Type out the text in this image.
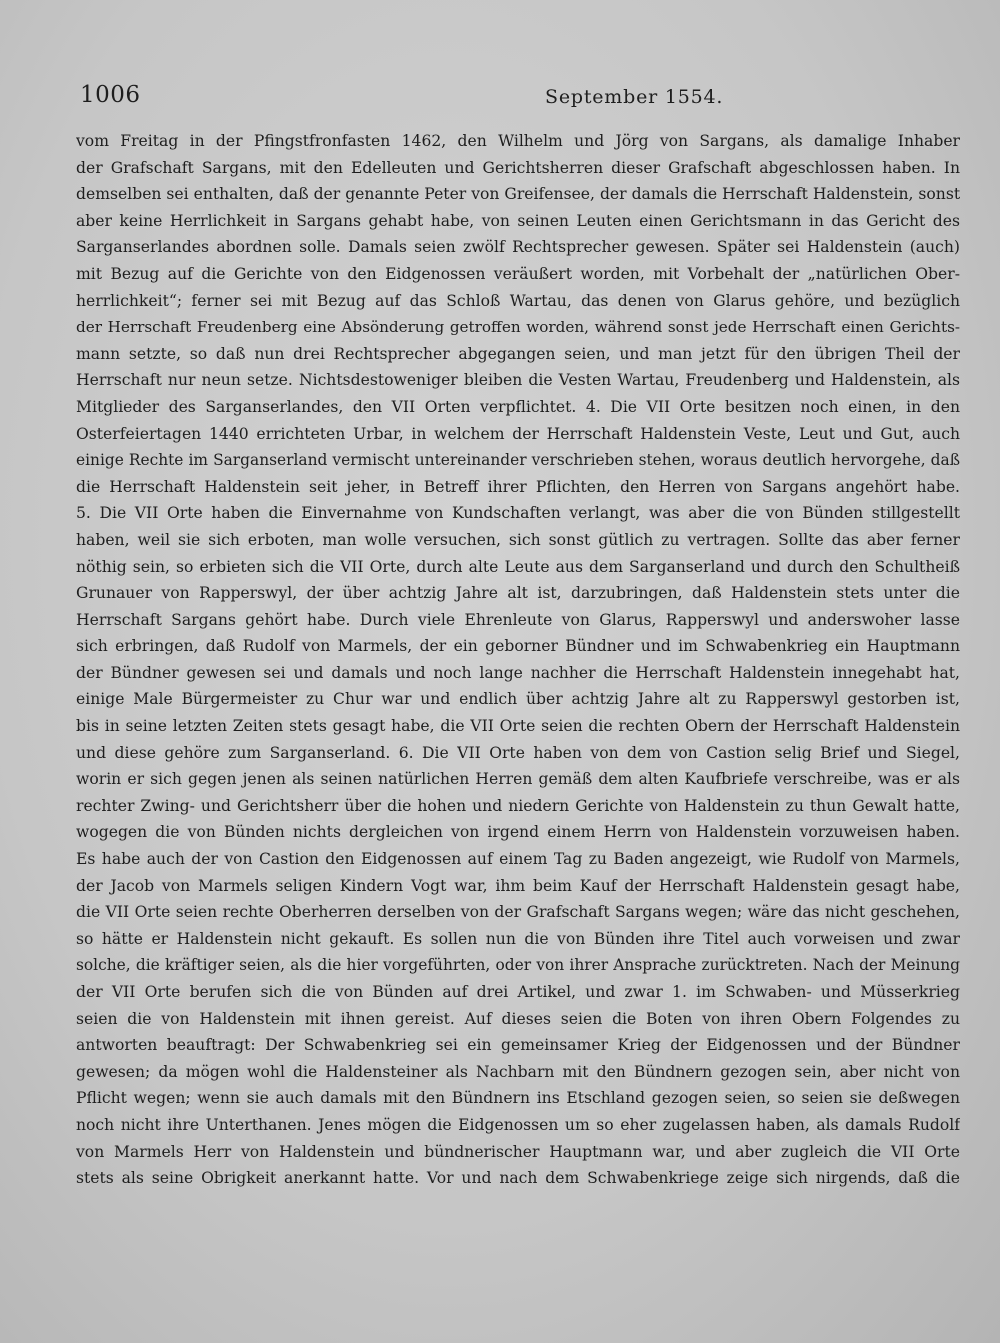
1006	September 1554.
vom Freitag in der Pfingstfronfasten 1462, den Wilhelm und Jörg von Sargans, als damalige Inhaber
der Grafschaft Sargans, mit den Edelleuten und Gerichtsherren dieser Grafschaft abgeschlossen haben. In
demselben sei enthalten, daß der genannte Peter von Greifensee, der damals die Herrschaft Haldenstein, sonst
aber keine Herrlichkeit in Sargans gehabt habe, von seinen Leuten einen Gerichtsmann in das Gericht des
Sarganserlandes abordnen solle. Damals seien zwölf Rechtsprecher gewesen. Später sei Haldenstein (auch)
mit Bezug auf die Gerichte von den Eidgenossen veräußert worden, mit Vorbehalt der „natürlichen Ober-
herrlichkeit“; ferner sei mit Bezug auf das Schloß Wartau, das denen von Glarus gehöre, und bezüglich
der Herrschaft Freudenberg eine Absönderung getroffen worden, während sonst jede Herrschaft einen Gerichts-
mann setzte, so daß nun drei Rechtsprecher abgegangen seien, und man jetzt für den übrigen Theil der
Herrschaft nur neun setze. Nichtsdestoweniger bleiben die Vesten Wartau, Freudenberg und Haldenstein, als
Mitglieder des Sarganserlandes, den VII Orten verpflichtet. 4. Die VII Orte besitzen noch einen, in den
Osterfeiertagen 1440 errichteten Urbar, in welchem der Herrschaft Haldenstein Veste, Leut und Gut, auch
einige Rechte im Sarganserland vermischt untereinander verschrieben stehen, woraus deutlich hervorgehe, daß
die Herrschaft Haldenstein seit jeher, in Betreff ihrer Pflichten, den Herren von Sargans angehört habe.
5. Die VII Orte haben die Einvernahme von Kundschaften verlangt, was aber die von Bünden stillgestellt
haben, weil sie sich erboten, man wolle versuchen, sich sonst gütlich zu vertragen. Sollte das aber ferner
nöthig sein, so erbieten sich die VII Orte, durch alte Leute aus dem Sarganserland und durch den Schultheiß
Grunauer von Rapperswyl, der über achtzig Jahre alt ist, darzubringen, daß Haldenstein stets unter die
Herrschaft Sargans gehört habe. Durch viele Ehrenleute von Glarus, Rapperswyl und anderswoher lasse
sich erbringen, daß Rudolf von Marmels, der ein geborner Bündner und im Schwabenkrieg ein Hauptmann
der Bündner gewesen sei und damals und noch lange nachher die Herrschaft Haldenstein innegehabt hat,
einige Male Bürgermeister zu Chur war und endlich über achtzig Jahre alt zu Rapperswyl gestorben ist,
bis in seine letzten Zeiten stets gesagt habe, die VII Orte seien die rechten Obern der Herrschaft Haldenstein
und diese gehöre zum Sarganserland. 6. Die VII Orte haben von dem von Castion selig Brief und Siegel,
worin er sich gegen jenen als seinen natürlichen Herren gemäß dem alten Kaufbriefe verschreibe, was er als
rechter Zwing- und Gerichtsherr über die hohen und niedern Gerichte von Haldenstein zu thun Gewalt hatte,
wogegen die von Bünden nichts dergleichen von irgend einem Herrn von Haldenstein vorzuweisen haben.
Es habe auch der von Castion den Eidgenossen auf einem Tag zu Baden angezeigt, wie Rudolf von Marmels,
der Jacob von Marmels seligen Kindern Vogt war, ihm beim Kauf der Herrschaft Haldenstein gesagt habe,
die VII Orte seien rechte Oberherren derselben von der Grafschaft Sargans wegen; wäre das nicht geschehen,
so hätte er Haldenstein nicht gekauft. Es sollen nun die von Bünden ihre Titel auch vorweisen und zwar
solche, die kräftiger seien, als die hier vorgeführten, oder von ihrer Ansprache zurücktreten. Nach der Meinung
der VII Orte berufen sich die von Bünden auf drei Artikel, und zwar 1. im Schwaben- und Müsserkrieg
seien die von Haldenstein mit ihnen gereist. Auf dieses seien die Boten von ihren Obern Folgendes zu
antworten beauftragt: Der Schwabenkrieg sei ein gemeinsamer Krieg der Eidgenossen und der Bündner
gewesen; da mögen wohl die Haldensteiner als Nachbarn mit den Bündnern gezogen sein, aber nicht von
Pflicht wegen; wenn sie auch damals mit den Bündnern ins Etschland gezogen seien, so seien sie deßwegen
noch nicht ihre Unterthanen. Jenes mögen die Eidgenossen um so eher zugelassen haben, als damals Rudolf
von Marmels Herr von Haldenstein und bündnerischer Hauptmann war, und aber zugleich die VII Orte
stets als seine Obrigkeit anerkannt hatte. Vor und nach dem Schwabenkriege zeige sich nirgends, daß die
